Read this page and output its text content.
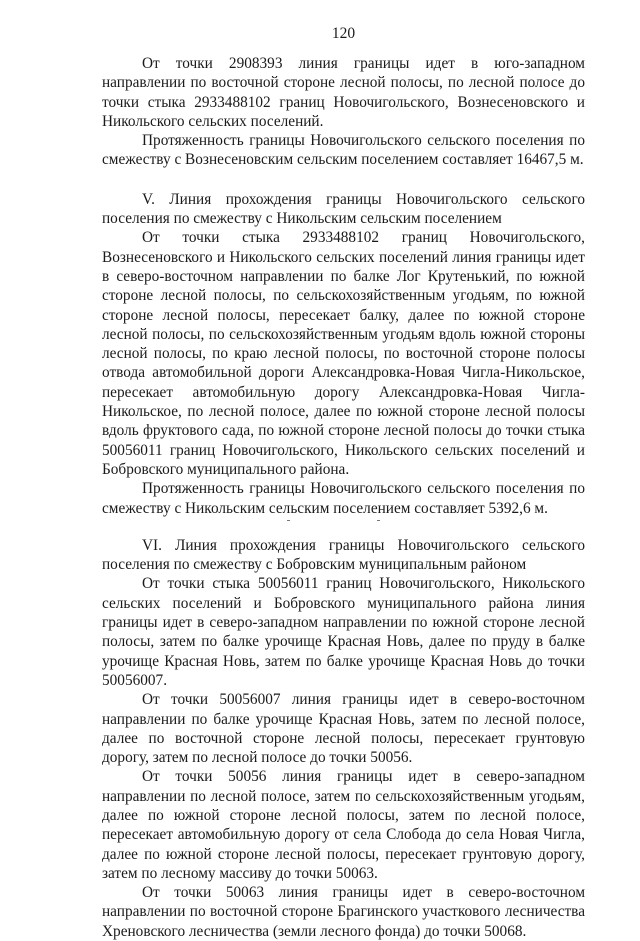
120

От точки 2908393 линия границы идет в юго-западном направлении по восточной стороне лесной полосы, по лесной полосе до точки стыка 2933488102 границ Новочигольского, Вознесеновского и Никольского сельских поселений.

Протяженность границы Новочигольского сельского поселения по смежеству с Вознесеновским сельским поселением составляет 16467,5 м.

V. Линия прохождения границы Новочигольского сельского поселения по смежеству с Никольским сельским поселением

От точки стыка 2933488102 границ Новочигольского, Вознесеновского и Никольского сельских поселений линия границы идет в северо-восточном направлении по балке Лог Крутенький, по южной стороне лесной полосы, по сельскохозяйственным угодьям, по южной стороне лесной полосы, пересекает балку, далее по южной стороне лесной полосы, по сельскохозяйственным угодьям вдоль южной стороны лесной полосы, по краю лесной полосы, по восточной стороне полосы отвода автомобильной дороги Александровка-Новая Чигла-Никольское, пересекает автомобильную дорогу Александровка-Новая Чигла-Никольское, по лесной полосе, далее по южной стороне лесной полосы вдоль фруктового сада, по южной стороне лесной полосы до точки стыка 50056011 границ Новочигольского, Никольского сельских поселений и Бобровского муниципального района.

Протяженность границы Новочигольского сельского поселения по смежеству с Никольским сельским поселением составляет 5392,6 м.

VI. Линия прохождения границы Новочигольского сельского поселения по смежеству с Бобровским муниципальным районом

От точки стыка 50056011 границ Новочигольского, Никольского сельских поселений и Бобровского муниципального района линия границы идет в северо-западном направлении по южной стороне лесной полосы, затем по балке урочище Красная Новь, далее по пруду в балке урочище Красная Новь, затем по балке урочище Красная Новь до точки 50056007.

От точки 50056007 линия границы идет в северо-восточном направлении по балке урочище Красная Новь, затем по лесной полосе, далее по восточной стороне лесной полосы, пересекает грунтовую дорогу, затем по лесной полосе до точки 50056.

От точки 50056 линия границы идет в северо-западном направлении по лесной полосе, затем по сельскохозяйственным угодьям, далее по южной стороне лесной полосы, затем по лесной полосе, пересекает автомобильную дорогу от села Слобода до села Новая Чигла, далее по южной стороне лесной полосы, пересекает грунтовую дорогу, затем по лесному массиву до точки 50063.

От точки 50063 линия границы идет в северо-восточном направлении по восточной стороне Брагинского участкового лесничества Хреновского лесничества (земли лесного фонда) до точки 50068.
